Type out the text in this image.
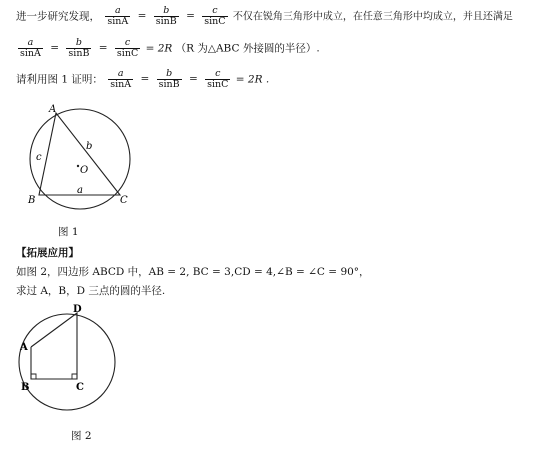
进一步研究发现， $\frac{a}{\sin A} = \frac{b}{\sin B} = \frac{c}{\sin C}$ 不仅在锐角三角形中成立，在任意三角形中均成立，并且还满足
$\frac{a}{\sin A} = \frac{b}{\sin B} = \frac{c}{\sin C} = 2R$ （R 为△ABC 外接圆的半径）.
请利用图 1 证明： $\frac{a}{\sin A} = \frac{b}{\sin B} = \frac{c}{\sin C} = 2R$ .
A
B	C
O
a
b
c
图 1
【拓展应用】
如图 2，四边形 ABCD 中，AB = 2, BC = 3,CD = 4,∠B = ∠C = 90°，
求过 A，B，D 三点的圆的半径.
A
B	C
D
图 2
